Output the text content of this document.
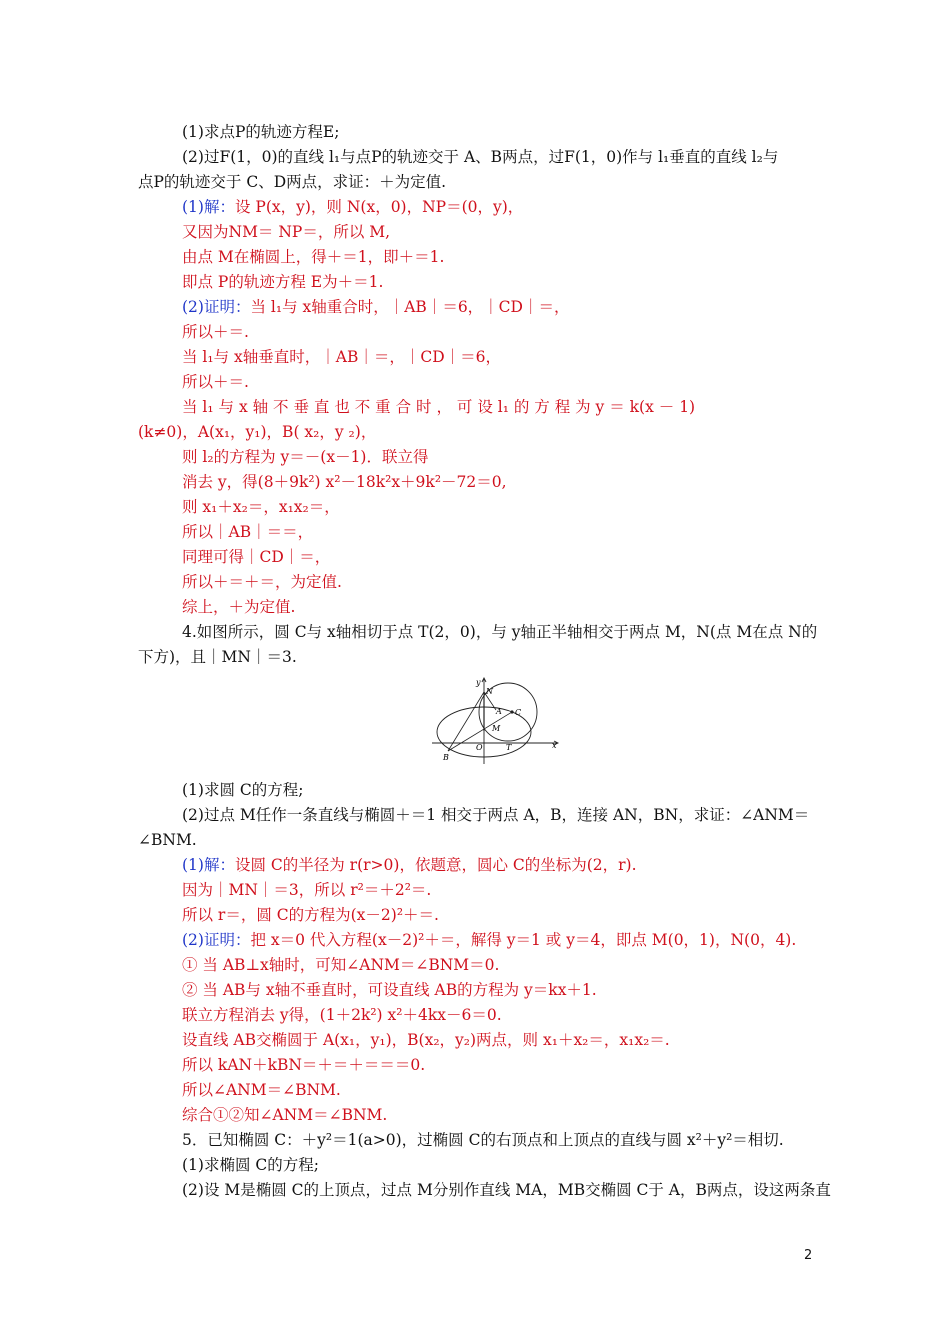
(1)求点P的轨迹方程E;
(2)过F(1，0)的直线 l₁与点P的轨迹交于 A、B两点，过F(1，0)作与 l₁垂直的直线 l₂与
点P的轨迹交于 C、D两点，求证：＋为定值.
(1)解：设 P(x，y)，则 N(x，0)，NP＝(0，y)，
又因为NM＝ NP＝，所以 M,
由点 M在椭圆上，得＋＝1，即＋＝1.
即点 P的轨迹方程 E为＋＝1.
(2)证明：当 l₁与 x轴重合时，｜AB｜＝6，｜CD｜＝，
所以＋＝.
当 l₁与 x轴垂直时，｜AB｜＝，｜CD｜＝6，
所以＋＝.
当 l₁ 与 x 轴 不 垂 直 也 不 重 合 时 ， 可 设 l₁ 的 方 程 为 y ＝ k(x － 1)
(k≠0)，A(x₁，y₁)，B( x₂，y ₂)，
则 l₂的方程为 y＝－(x－1)．联立得
消去 y，得(8＋9k²) x²－18k²x＋9k²－72＝0,
则 x₁＋x₂＝，x₁x₂＝，
所以｜AB｜＝＝，
同理可得｜CD｜＝，
所以＋＝＋＝，为定值.
综上，＋为定值.
4.如图所示，圆 C与 x轴相切于点 T(2，0)，与 y轴正半轴相交于两点 M，N(点 M在点 N的
下方)，且｜MN｜＝3.
y
x
N
A C
M
O	T
B
(1)求圆 C的方程;
(2)过点 M任作一条直线与椭圆＋＝1 相交于两点 A，B，连接 AN，BN，求证：∠ANM＝
∠BNM.
(1)解：设圆 C的半径为 r(r>0)，依题意，圆心 C的坐标为(2，r).
因为｜MN｜＝3，所以 r²＝＋2²＝.
所以 r＝，圆 C的方程为(x－2)²＋＝.
(2)证明：把 x＝0 代入方程(x－2)²＋＝，解得 y＝1 或 y＝4，即点 M(0，1)，N(0，4).
① 当 AB⊥x轴时，可知∠ANM＝∠BNM＝0.
② 当 AB与 x轴不垂直时，可设直线 AB的方程为 y＝kx＋1.
联立方程消去 y得，(1＋2k²) x²＋4kx－6＝0.
设直线 AB交椭圆于 A(x₁，y₁)，B(x₂，y₂)两点，则 x₁＋x₂＝，x₁x₂＝.
所以 kAN＋kBN＝＋＝＋＝＝＝0.
所以∠ANM＝∠BNM.
综合①②知∠ANM＝∠BNM.
5．已知椭圆 C：＋y²＝1(a>0)，过椭圆 C的右顶点和上顶点的直线与圆 x²＋y²＝相切.
(1)求椭圆 C的方程;
(2)设 M是椭圆 C的上顶点，过点 M分别作直线 MA，MB交椭圆 C于 A，B两点，设这两条直
2
